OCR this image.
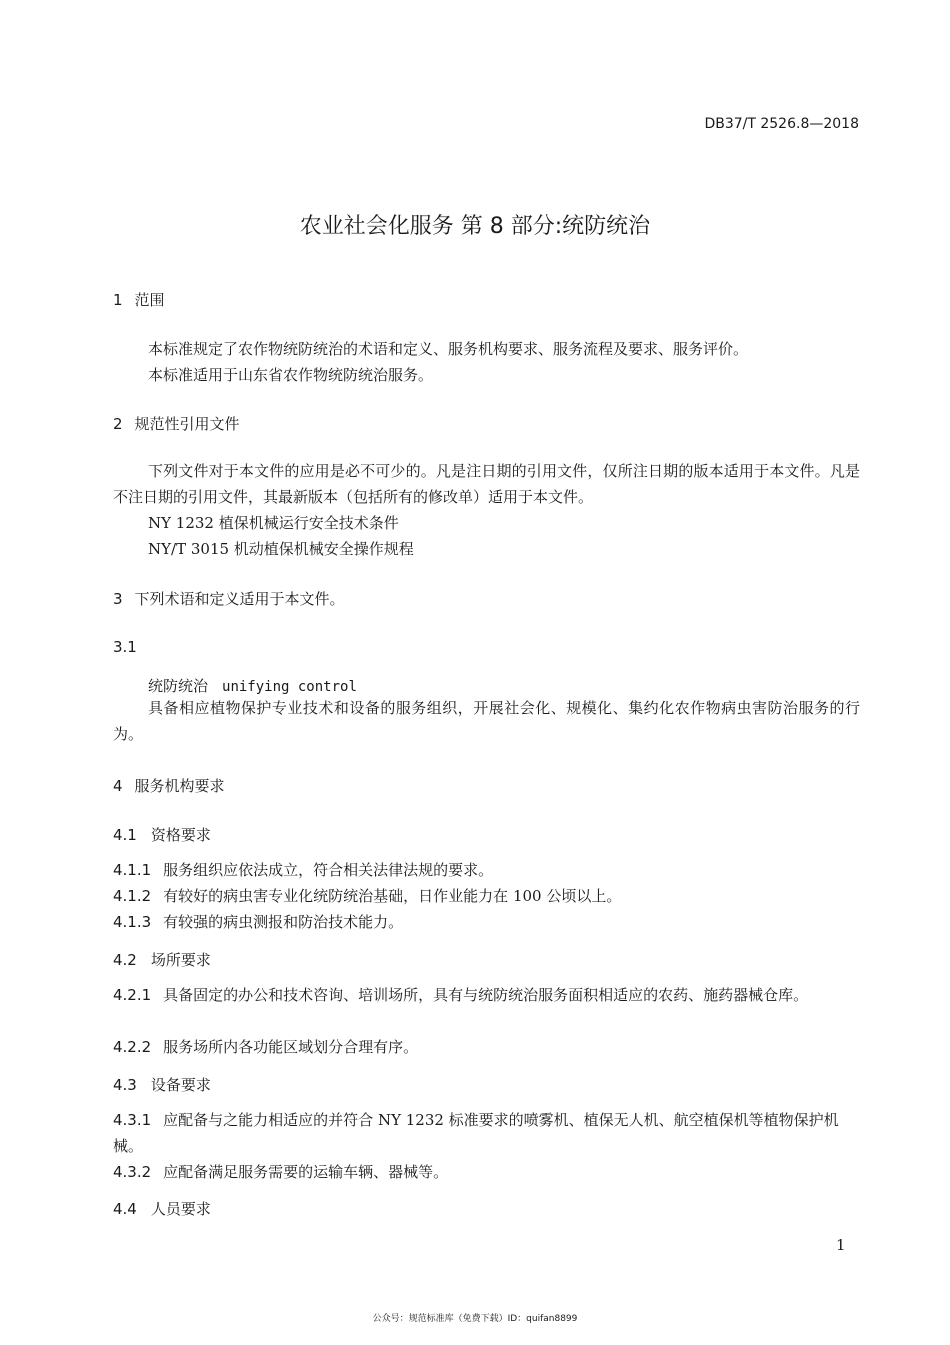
DB37/T 2526.8—2018
农业社会化服务 第 8 部分:统防统治
1 范围
本标准规定了农作物统防统治的术语和定义、服务机构要求、服务流程及要求、服务评价。
本标准适用于山东省农作物统防统治服务。
2 规范性引用文件
下列文件对于本文件的应用是必不可少的。凡是注日期的引用文件，仅所注日期的版本适用于本文件。凡是不注日期的引用文件，其最新版本（包括所有的修改单）适用于本文件。
NY 1232 植保机械运行安全技术条件
NY/T 3015 机动植保机械安全操作规程
3 下列术语和定义适用于本文件。
3.1
统防统治 unifying control
具备相应植物保护专业技术和设备的服务组织，开展社会化、规模化、集约化农作物病虫害防治服务的行为。
4 服务机构要求
4.1 资格要求
4.1.1 服务组织应依法成立，符合相关法律法规的要求。
4.1.2 有较好的病虫害专业化统防统治基础，日作业能力在 100 公顷以上。
4.1.3 有较强的病虫测报和防治技术能力。
4.2 场所要求
4.2.1 具备固定的办公和技术咨询、培训场所，具有与统防统治服务面积相适应的农药、施药器械仓库。
4.2.2 服务场所内各功能区域划分合理有序。
4.3 设备要求
4.3.1 应配备与之能力相适应的并符合 NY 1232 标准要求的喷雾机、植保无人机、航空植保机等植物保护机械。
4.3.2 应配备满足服务需要的运输车辆、器械等。
4.4 人员要求
1
公众号：规范标准库（免费下载）ID：quifan8899
